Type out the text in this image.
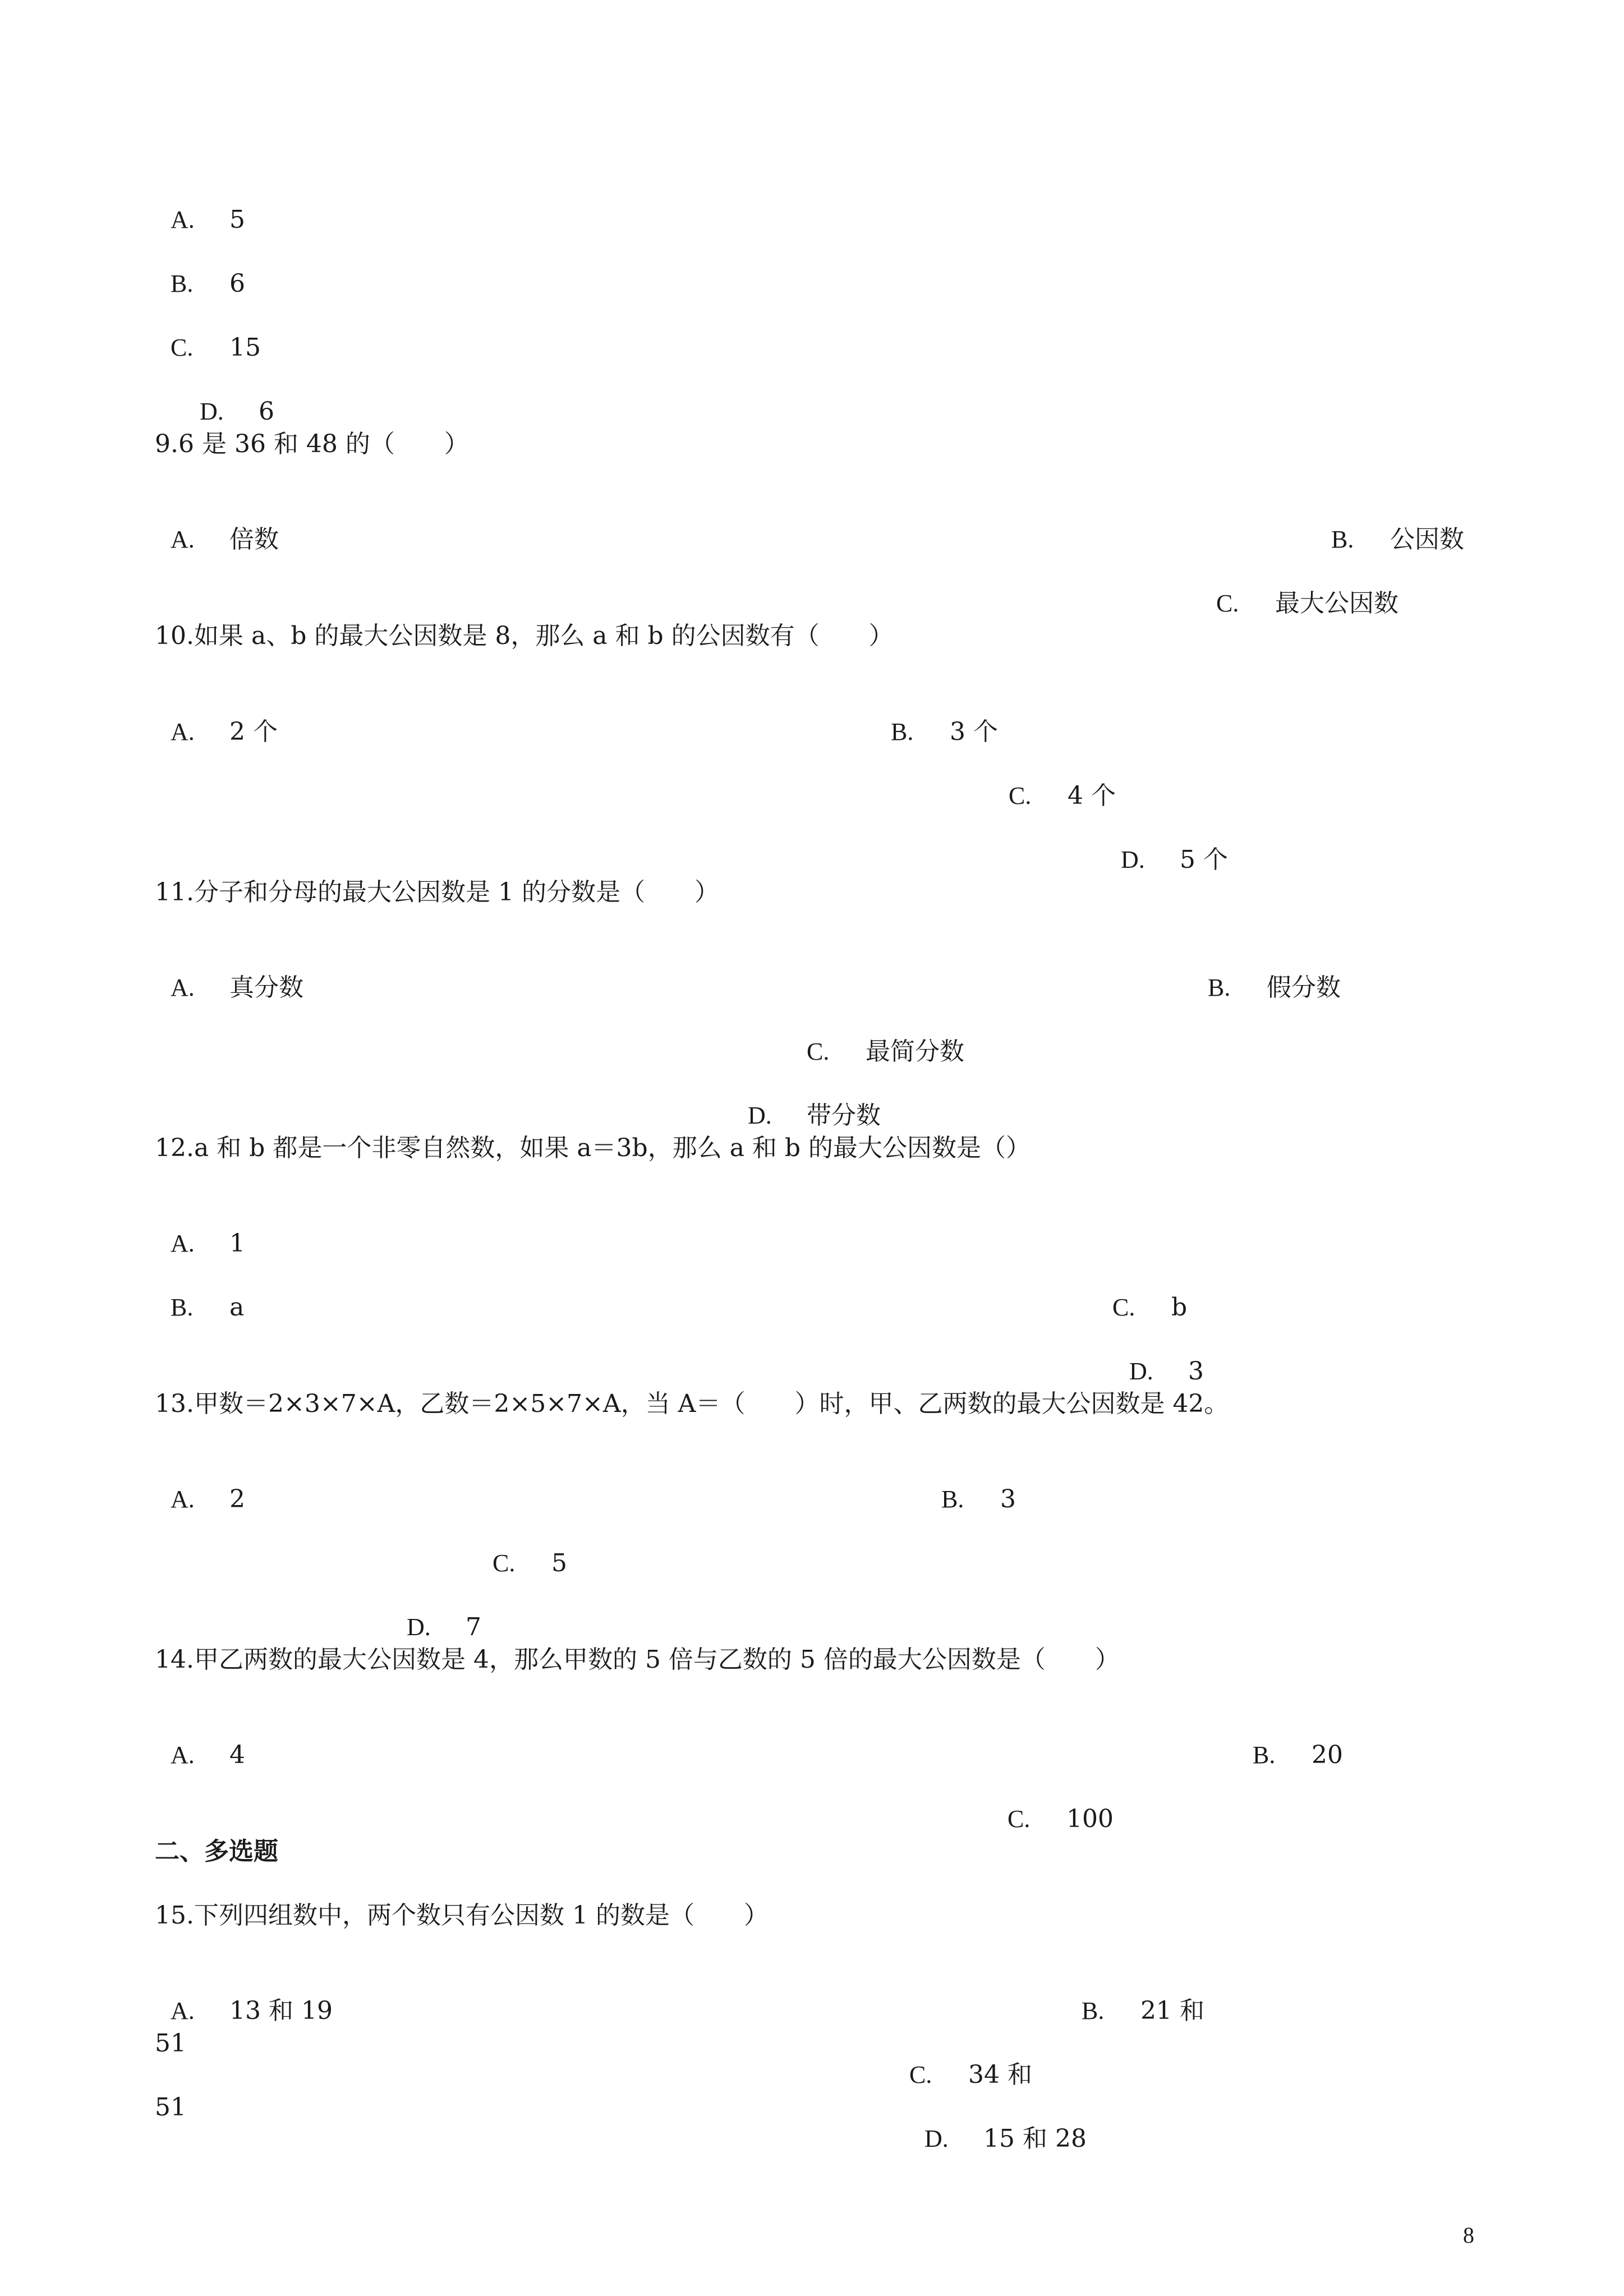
A. 5

B. 6

C. 15

D. 6

9.6 是 36 和 48 的（　　）

A. 倍数	B. 公因数

C. 最大公因数

10.如果 a、b 的最大公因数是 8，那么 a 和 b 的公因数有（　　）

A. 2 个	B. 3 个

C. 4 个

D. 5 个

11.分子和分母的最大公因数是 1 的分数是（　　）

A. 真分数	B. 假分数

C. 最简分数

D. 带分数

12.a 和 b 都是一个非零自然数，如果 a＝3b，那么 a 和 b 的最大公因数是（）

A. 1

B. a	C. b

D. 3

13.甲数＝2×3×7×A，乙数＝2×5×7×A，当 A＝（　　）时，甲、乙两数的最大公因数是 42。

A. 2	B. 3

C. 5

D. 7

14.甲乙两数的最大公因数是 4，那么甲数的 5 倍与乙数的 5 倍的最大公因数是（　　）

A. 4	B. 20

C. 100

二、多选题
15.下列四组数中，两个数只有公因数 1 的数是（　　）

A. 13 和 19	B. 21 和

51

C. 34 和

51

D. 15 和 28

8
